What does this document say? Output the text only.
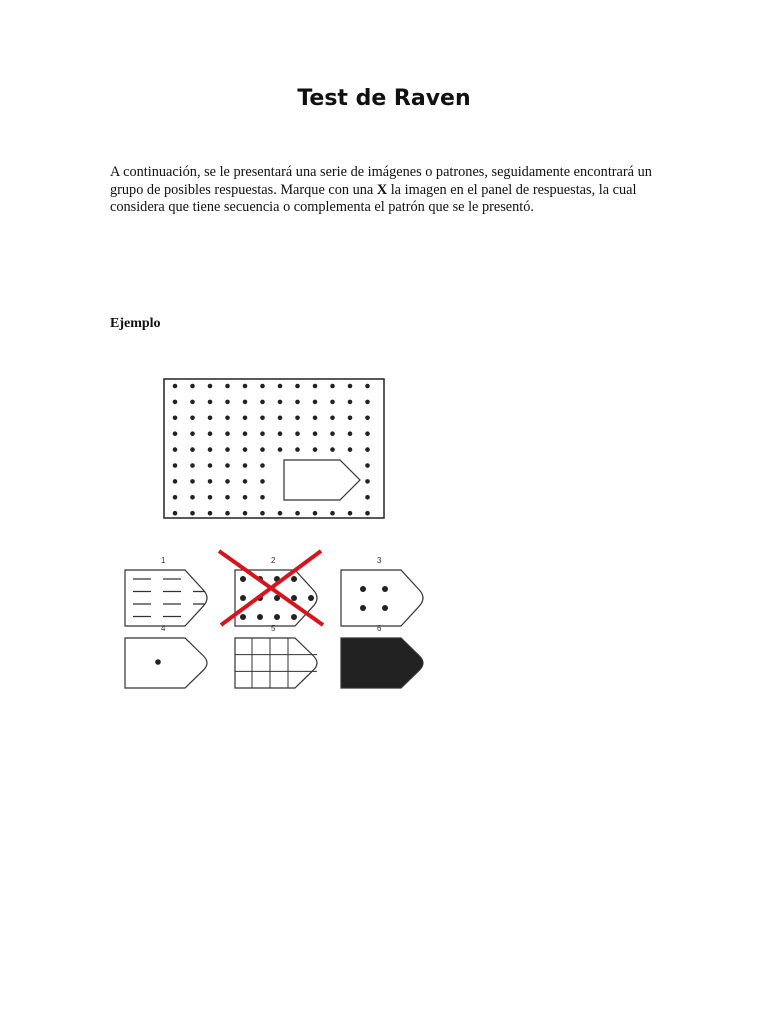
Test de Raven
A continuación, se le presentará una serie de imágenes o patrones, seguidamente encontrará un grupo de posibles respuestas. Marque con una X la imagen en el panel de respuestas, la cual considera que tiene secuencia o complementa el patrón que se le presentó.
Ejemplo
1	2	3
4	5	6
